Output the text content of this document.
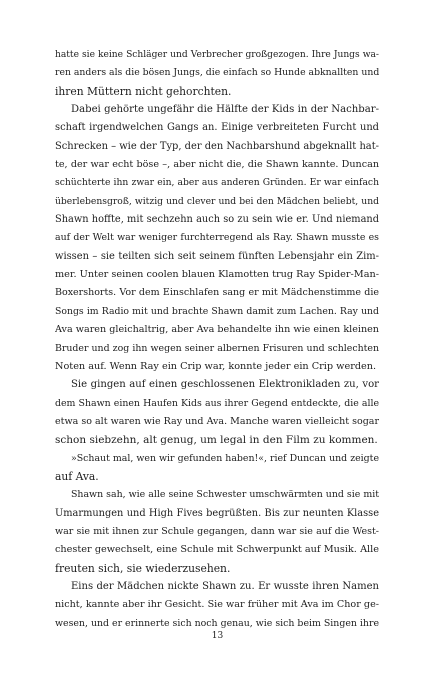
hatte sie keine Schläger und Verbrecher großgezogen. Ihre Jungs wa-
ren anders als die bösen Jungs, die einfach so Hunde abknallten und
ihren Müttern nicht gehorchten.
Dabei gehörte ungefähr die Hälfte der Kids in der Nachbar-
schaft irgendwelchen Gangs an. Einige verbreiteten Furcht und
Schrecken – wie der Typ, der den Nachbarshund abgeknallt hat-
te, der war echt böse –, aber nicht die, die Shawn kannte. Duncan
schüchterte ihn zwar ein, aber aus anderen Gründen. Er war einfach
überlebensgroß, witzig und clever und bei den Mädchen beliebt, und
Shawn hoffte, mit sechzehn auch so zu sein wie er. Und niemand
auf der Welt war weniger furchterregend als Ray. Shawn musste es
wissen – sie teilten sich seit seinem fünften Lebensjahr ein Zim-
mer. Unter seinen coolen blauen Klamotten trug Ray Spider-Man-
Boxershorts. Vor dem Einschlafen sang er mit Mädchenstimme die
Songs im Radio mit und brachte Shawn damit zum Lachen. Ray und
Ava waren gleichaltrig, aber Ava behandelte ihn wie einen kleinen
Bruder und zog ihn wegen seiner albernen Frisuren und schlechten
Noten auf. Wenn Ray ein Crip war, konnte jeder ein Crip werden.
Sie gingen auf einen geschlossenen Elektronikladen zu, vor
dem Shawn einen Haufen Kids aus ihrer Gegend entdeckte, die alle
etwa so alt waren wie Ray und Ava. Manche waren vielleicht sogar
schon siebzehn, alt genug, um legal in den Film zu kommen.
»Schaut mal, wen wir gefunden haben!«, rief Duncan und zeigte
auf Ava.
Shawn sah, wie alle seine Schwester umschwärmten und sie mit
Umarmungen und High Fives begrüßten. Bis zur neunten Klasse
war sie mit ihnen zur Schule gegangen, dann war sie auf die West-
chester gewechselt, eine Schule mit Schwerpunkt auf Musik. Alle
freuten sich, sie wiederzusehen.
Eins der Mädchen nickte Shawn zu. Er wusste ihren Namen
nicht, kannte aber ihr Gesicht. Sie war früher mit Ava im Chor ge-
wesen, und er erinnerte sich noch genau, wie sich beim Singen ihre
13
